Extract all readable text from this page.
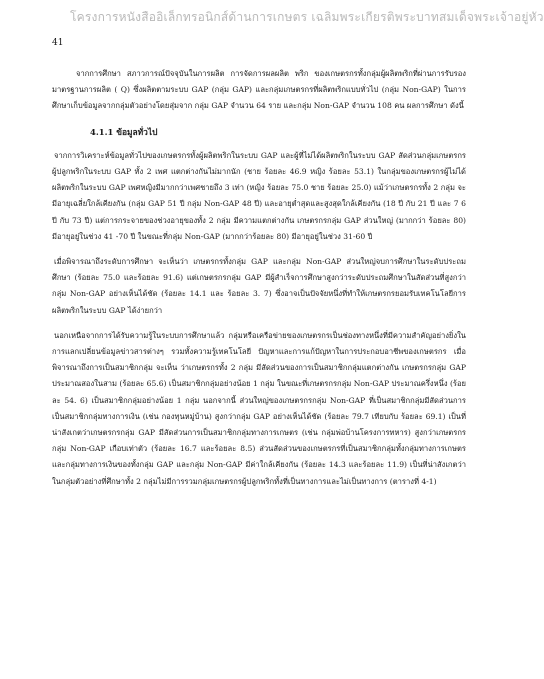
โครงการหนังสืออิเล็กทรอนิกส์ด้านการเกษตร เฉลิมพระเกียรติพระบาทสมเด็จพระเจ้าอยู่หัว
41

จากการศึกษา สภาวการณ์ปัจจุบันในการผลิต การจัดการผลผลิต พริก ของเกษตรกรทั้งกลุ่มผู้ผลิตพริกที่ผ่านการรับรองมาตรฐานการผลิต ( Q) ซึ่งผลิตตามระบบ GAP (กลุ่ม GAP) และกลุ่มเกษตรกรที่ผลิตพริกแบบทั่วไป (กลุ่ม Non-GAP) ในการศึกษาเก็บข้อมูลจากกลุ่มตัวอย่างโดยสุ่มจาก กลุ่ม GAP จำนวน 64 ราย และกลุ่ม Non-GAP จำนวน 108 คน ผลการศึกษา ดังนี้

4.1.1 ข้อมูลทั่วไป

จากการวิเคราะห์ข้อมูลทั่วไปของเกษตรกรทั้งผู้ผลิตพริกในระบบ GAP และผู้ที่ไม่ได้ผลิตพริกในระบบ GAP สัดส่วนกลุ่มเกษตรกรผู้ปลูกพริกในระบบ GAP ทั้ง 2 เพศ แตกต่างกันไม่มากนัก (ชาย ร้อยละ 46.9 หญิง ร้อยละ 53.1) ในกลุ่มของเกษตรกรผู้ไม่ได้ผลิตพริกในระบบ GAP เพศหญิงมีมากกว่าเพศชายถึง 3 เท่า (หญิง ร้อยละ 75.0 ชาย ร้อยละ 25.0) แม้ว่าเกษตรกรทั้ง 2 กลุ่ม จะมีอายุเฉลี่ยใกล้เคียงกัน (กลุ่ม GAP 51 ปี กลุ่ม Non-GAP 48 ปี) และอายุต่ำสุดและสูงสุดใกล้เคียงกัน (18 ปี กับ 21 ปี และ 7 6 ปี กับ 73 ปี) แต่การกระจายของช่วงอายุของทั้ง 2 กลุ่ม มีความแตกต่างกัน เกษตรกรกลุ่ม GAP ส่วนใหญ่ (มากกว่า ร้อยละ 80) มีอายุอยู่ในช่วง 41 -70 ปี ในขณะที่กลุ่ม Non-GAP (มากกว่าร้อยละ 80) มีอายุอยู่ในช่วง 31-60 ปี

เมื่อพิจารณาถึงระดับการศึกษา จะเห็นว่า เกษตรกรทั้งกลุ่ม GAP และกลุ่ม Non-GAP ส่วนใหญ่จบการศึกษาในระดับประถมศึกษา (ร้อยละ 75.0 และร้อยละ 91.6) แต่เกษตรกรกลุ่ม GAP มีผู้สำเร็จการศึกษาสูงกว่าระดับประถมศึกษาในสัดส่วนที่สูงกว่ากลุ่ม Non-GAP อย่างเห็นได้ชัด (ร้อยละ 14.1 และ ร้อยละ 3. 7) ซึ่งอาจเป็นปัจจัยหนึ่งที่ทำให้เกษตรกรยอมรับเทคโนโลยีการผลิตพริกในระบบ GAP ได้ง่ายกว่า

นอกเหนือจากการได้รับความรู้ในระบบการศึกษาแล้ว กลุ่มหรือเครือข่ายของเกษตรกรเป็นช่องทางหนึ่งที่มีความสำคัญอย่างยิ่งในการแลกเปลี่ยนข้อมูลข่าวสารต่างๆ รวมทั้งความรู้เทคโนโลยี ปัญหาและการแก้ปัญหาในการประกอบอาชีพของเกษตรกร เมื่อพิจารณาถึงการเป็นสมาชิกกลุ่ม จะเห็น ว่าเกษตรกรทั้ง 2 กลุ่ม มีสัดส่วนของการเป็นสมาชิกกลุ่มแตกต่างกัน เกษตรกรกลุ่ม GAP ประมาณสองในสาม (ร้อยละ 65.6) เป็นสมาชิกกลุ่มอย่างน้อย 1 กลุ่ม ในขณะที่เกษตรกรกลุ่ม Non-GAP ประมาณครึ่งหนึ่ง (ร้อยละ 54. 6) เป็นสมาชิกกลุ่มอย่างน้อย 1 กลุ่ม นอกจากนี้ ส่วนใหญ่ของเกษตรกรกลุ่ม Non-GAP ที่เป็นสมาชิกกลุ่มมีสัดส่วนการเป็นสมาชิกกลุ่มทางการเงิน (เช่น กองทุนหมู่บ้าน) สูงกว่ากลุ่ม GAP อย่างเห็นได้ชัด (ร้อยละ 79.7 เทียบกับ ร้อยละ 69.1) เป็นที่น่าสังเกตว่าเกษตรกรกลุ่ม GAP มีสัดส่วนการเป็นสมาชิกกลุ่มทางการเกษตร (เช่น กลุ่มพ่อบ้านโครงการทหาร) สูงกว่าเกษตรกรกลุ่ม Non-GAP เกือบเท่าตัว (ร้อยละ 16.7 และร้อยละ 8.5) ส่วนสัดส่วนของเกษตรกรที่เป็นสมาชิกกลุ่มทั้งกลุ่มทางการเกษตรและกลุ่มทางการเงินของทั้งกลุ่ม GAP และกลุ่ม Non-GAP มีค่าใกล้เคียงกัน (ร้อยละ 14.3 และร้อยละ 11.9) เป็นที่น่าสังเกตว่าในกลุ่มตัวอย่างที่ศึกษาทั้ง 2 กลุ่มไม่มีการรวมกลุ่มเกษตรกรผู้ปลูกพริกทั้งที่เป็นทางการและไม่เป็นทางการ (ตารางที่ 4-1)
